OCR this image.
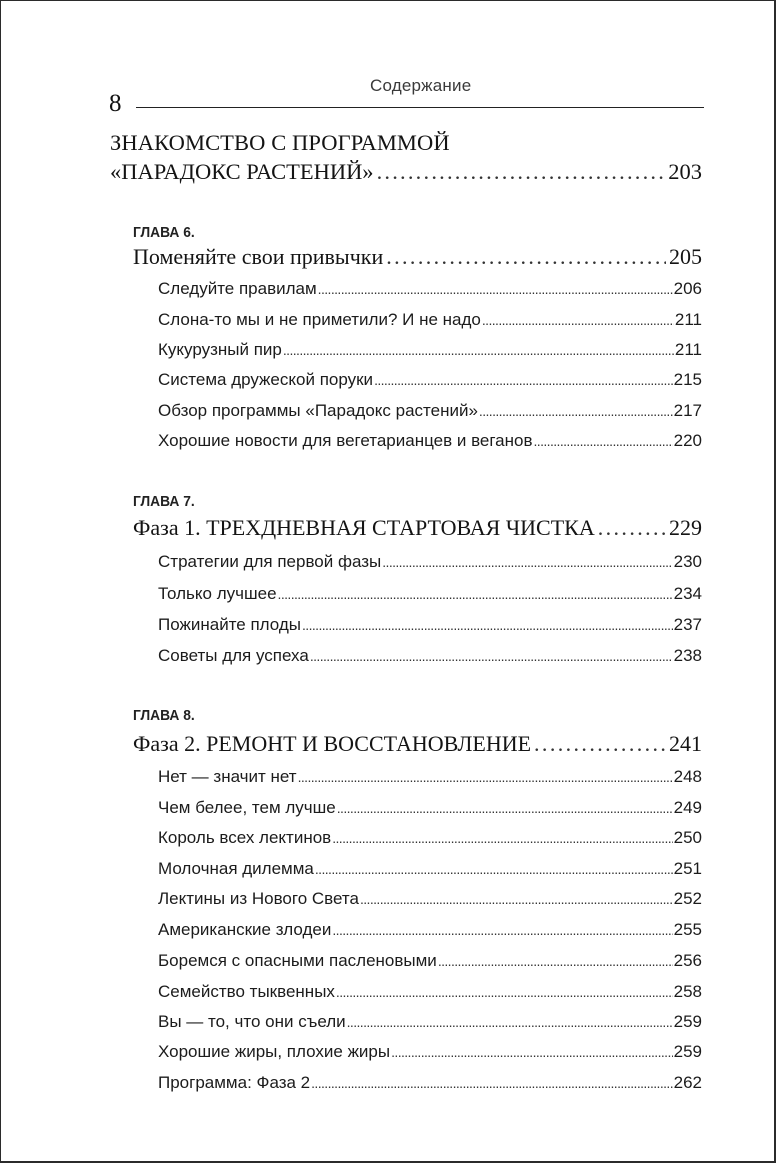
Содержание
8
ЗНАКОМСТВО С ПРОГРАММОЙ
«ПАРАДОКС РАСТЕНИЙ» .....	203
ГЛАВА 6.
Поменяйте свои привычки .....	205
Следуйте правилам .....	206
Слона-то мы и не приметили? И не надо .....	211
Кукурузный пир .....	211
Система дружеской поруки .....	215
Обзор программы «Парадокс растений» .....	217
Хорошие новости для вегетарианцев и веганов .....	220
ГЛАВА 7.
Фаза 1. ТРЕХДНЕВНАЯ СТАРТОВАЯ ЧИСТКА .....	229
Стратегии для первой фазы .....	230
Только лучшее .....	234
Пожинайте плоды .....	237
Советы для успеха .....	238
ГЛАВА 8.
Фаза 2. РЕМОНТ И ВОССТАНОВЛЕНИЕ .....	241
Нет — значит нет .....	248
Чем белее, тем лучше .....	249
Король всех лектинов .....	250
Молочная дилемма .....	251
Лектины из Нового Света .....	252
Американские злодеи .....	255
Боремся с опасными пасленовыми .....	256
Семейство тыквенных .....	258
Вы — то, что они съели .....	259
Хорошие жиры, плохие жиры .....	259
Программа: Фаза 2 .....	262
